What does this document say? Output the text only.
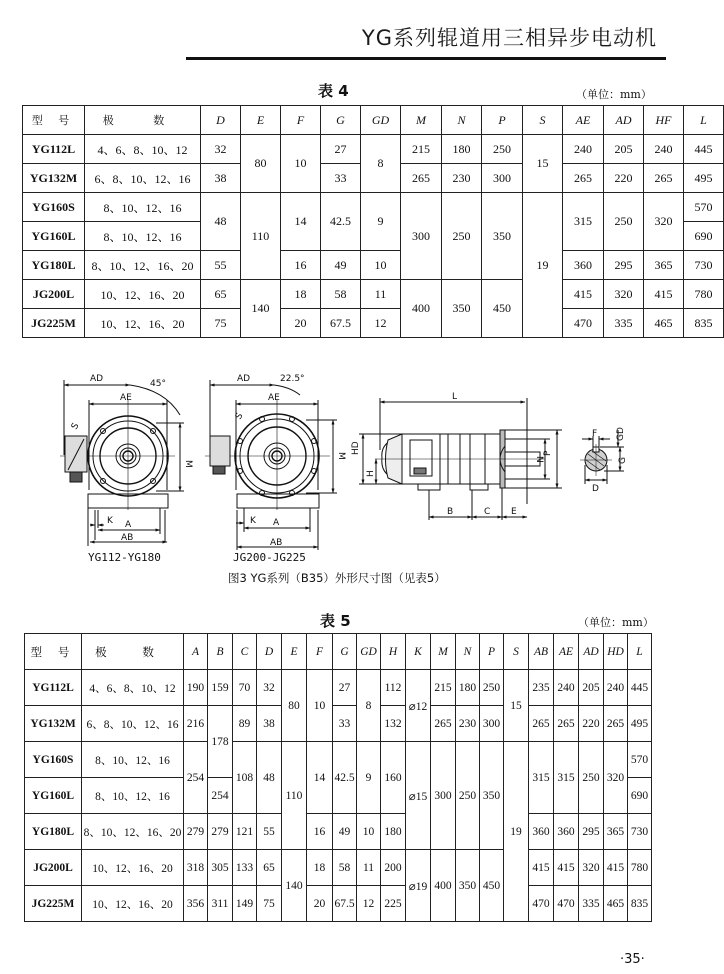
YG系列辊道用三相异步电动机
表 4	（单位：mm）
型 号	极 数	D	E	F	G	GD	M	N	P	S	AE	AD	HF	L
YG112L	4、6、8、10、12	32	80	10	27	8	215	180	250	15	240	205	240	445
YG132M	6、8、10、12、16	38			33		265	230	300		265	220	265	495
YG160S	8、10、12、16	48	110	14	42.5	9	300	250	350	19	315	250	320	570
YG160L	8、10、12、16													690
YG180L	8、10、12、16、20	55		16	49	10					360	295	365	730
JG200L	10、12、16、20	65	140	18	58	11	400	350	450		415	320	415	780
JG225M	10、12、16、20	75		20	67.5	12					470	335	465	835
AD	45°
AE
S
M
K A
AB
AD	22.5°
AE
S
M
K A
AB
L
HD
H
N
P
B	C E
F GD
G
D
YG112-YG180	JG200-JG225
图3 YG系列（B35）外形尺寸图（见表5）
表 5	（单位：mm）
型 号	极 数	A	B	C	D	E	F	G	GD	H	K	M	N	P	S	AB	AE	AD	HD	L
YG112L	4、6、8、10、12	190	159	70	32	80	10	27	8	112	⌀12	215	180	250	15	235	240	205	240	445
YG132M	6、8、10、12、16	216	178	89	38			33		132		265	230	300		265	265	220	265	495
YG160S	8、10、12、16	254		108	48	110	14	42.5	9	160	⌀15	300	250	350	19	315	315	250	320	570
YG160L	8、10、12、16		254																	690
YG180L	8、10、12、16、20	279	279	121	55		16	49	10	180						360	360	295	365	730
JG200L	10、12、16、20	318	305	133	65	140	18	58	11	200	⌀19	400	350	450		415	415	320	415	780
JG225M	10、12、16、20	356	311	149	75		20	67.5	12	225						470	470	335	465	835
·35·
